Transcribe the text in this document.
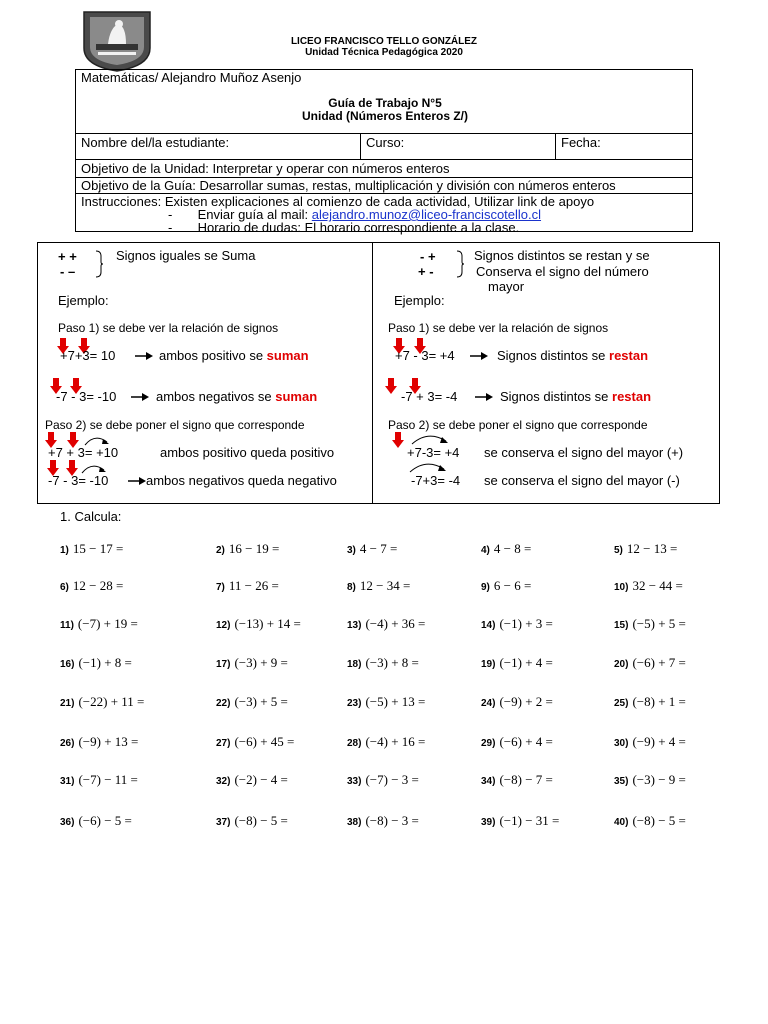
LICEO FRANCISCO TELLO GONZÁLEZ
Unidad Técnica Pedagógica 2020
Matemáticas/ Alejandro Muñoz Asenjo
Guía de Trabajo N°5
Unidad (Números Enteros Z/)
Nombre del/la estudiante:	Curso:	Fecha:
Objetivo de la Unidad: Interpretar y operar con números enteros
Objetivo de la Guía: Desarrollar sumas, restas, multiplicación y división con números enteros
Instrucciones: Existen explicaciones al comienzo de cada actividad, Utilizar link de apoyo
-       Enviar guía al mail: alejandro.munoz@liceo-franciscotello.cl
-       Horario de dudas: El horario correspondiente a la clase.
+ +
- –
Signos iguales se Suma
Ejemplo:
Paso 1) se debe ver la relación de signos
+7+3= 10	ambos positivo se suman
-7 - 3= -10	ambos negativos se suman
Paso 2) se debe poner el signo que corresponde
+7 + 3= +10	ambos positivo queda positivo
-7 - 3= -10	ambos negativos queda negativo
- +
+ -
Signos distintos se restan y se
Conserva el signo del número
mayor
Ejemplo:
Paso 1) se debe ver la relación de signos
+7 - 3= +4	Signos distintos se restan
-7 + 3= -4	Signos distintos se restan
Paso 2) se debe poner el signo que corresponde
+7-3= +4 se conserva el signo del mayor (+)
-7+3= -4 se conserva el signo del mayor (-)
1. Calcula:
1) 15 − 17 =	2) 16 − 19 =	3) 4 − 7 =	4) 4 − 8 =	5) 12 − 13 =
6) 12 − 28 =	7) 11 − 26 =	8) 12 − 34 =	9) 6 − 6 =	10) 32 − 44 =
11) (−7) + 19 =	12) (−13) + 14 =	13) (−4) + 36 =	14) (−1) + 3 =	15) (−5) + 5 =
16) (−1) + 8 =	17) (−3) + 9 =	18) (−3) + 8 =	19) (−1) + 4 =	20) (−6) + 7 =
21) (−22) + 11 =	22) (−3) + 5 =	23) (−5) + 13 =	24) (−9) + 2 =	25) (−8) + 1 =
26) (−9) + 13 =	27) (−6) + 45 =	28) (−4) + 16 =	29) (−6) + 4 =	30) (−9) + 4 =
31) (−7) − 11 =	32) (−2) − 4 =	33) (−7) − 3 =	34) (−8) − 7 =	35) (−3) − 9 =
36) (−6) − 5 =	37) (−8) − 5 =	38) (−8) − 3 =	39) (−1) − 31 =	40) (−8) − 5 =
